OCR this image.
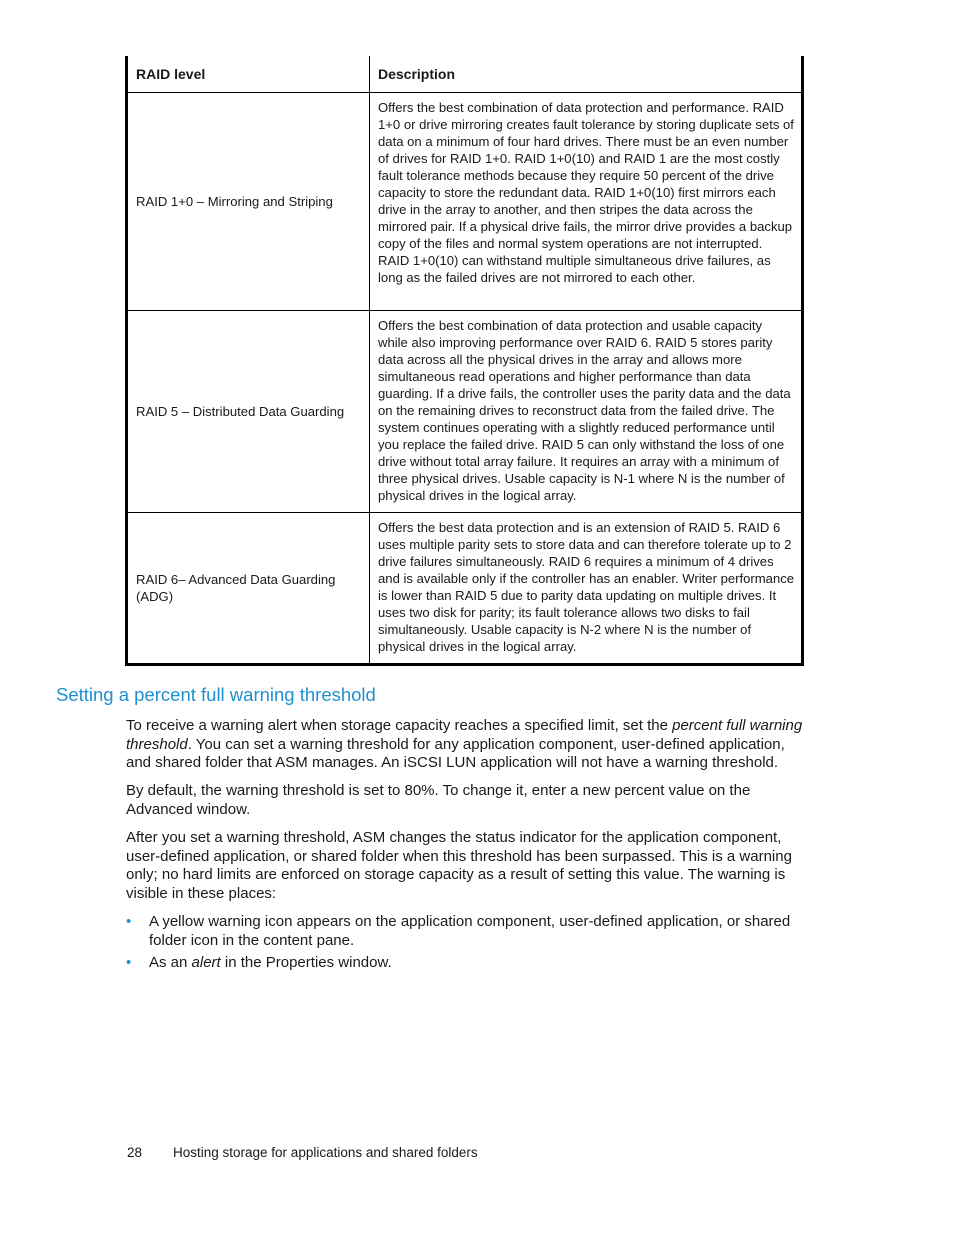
RAID level	Description
RAID 1+0 – Mirroring and Striping	Offers the best combination of data protection and performance. RAID 1+0 or drive mirroring creates fault tolerance by storing duplicate sets of data on a minimum of four hard drives. There must be an even number of drives for RAID 1+0. RAID 1+0(10) and RAID 1 are the most costly fault tolerance methods because they require 50 percent of the drive capacity to store the redundant data. RAID 1+0(10) first mirrors each drive in the array to another, and then stripes the data across the mirrored pair. If a physical drive fails, the mirror drive provides a backup copy of the files and normal system operations are not interrupted. RAID 1+0(10) can withstand multiple simultaneous drive failures, as long as the failed drives are not mirrored to each other.
RAID 5 – Distributed Data Guarding	Offers the best combination of data protection and usable capacity while also improving performance over RAID 6. RAID 5 stores parity data across all the physical drives in the array and allows more simultaneous read operations and higher performance than data guarding. If a drive fails, the controller uses the parity data and the data on the remaining drives to reconstruct data from the failed drive. The system continues operating with a slightly reduced performance until you replace the failed drive. RAID 5 can only withstand the loss of one drive without total array failure. It requires an array with a minimum of three physical drives. Usable capacity is N-1 where N is the number of physical drives in the logical array.
RAID 6– Advanced Data Guarding (ADG)	Offers the best data protection and is an extension of RAID 5. RAID 6 uses multiple parity sets to store data and can therefore tolerate up to 2 drive failures simultaneously. RAID 6 requires a minimum of 4 drives and is available only if the controller has an enabler. Writer performance is lower than RAID 5 due to parity data updating on multiple drives. It uses two disk for parity; its fault tolerance allows two disks to fail simultaneously. Usable capacity is N-2 where N is the number of physical drives in the logical array.
Setting a percent full warning threshold

To receive a warning alert when storage capacity reaches a specified limit, set the percent full warning threshold. You can set a warning threshold for any application component, user-defined application, and shared folder that ASM manages. An iSCSI LUN application will not have a warning threshold.

By default, the warning threshold is set to 80%. To change it, enter a new percent value on the Advanced window.

After you set a warning threshold, ASM changes the status indicator for the application component, user-defined application, or shared folder when this threshold has been surpassed. This is a warning only; no hard limits are enforced on storage capacity as a result of setting this value. The warning is visible in these places:

• A yellow warning icon appears on the application component, user-defined application, or shared folder icon in the content pane.
• As an alert in the Properties window.
28 Hosting storage for applications and shared folders
